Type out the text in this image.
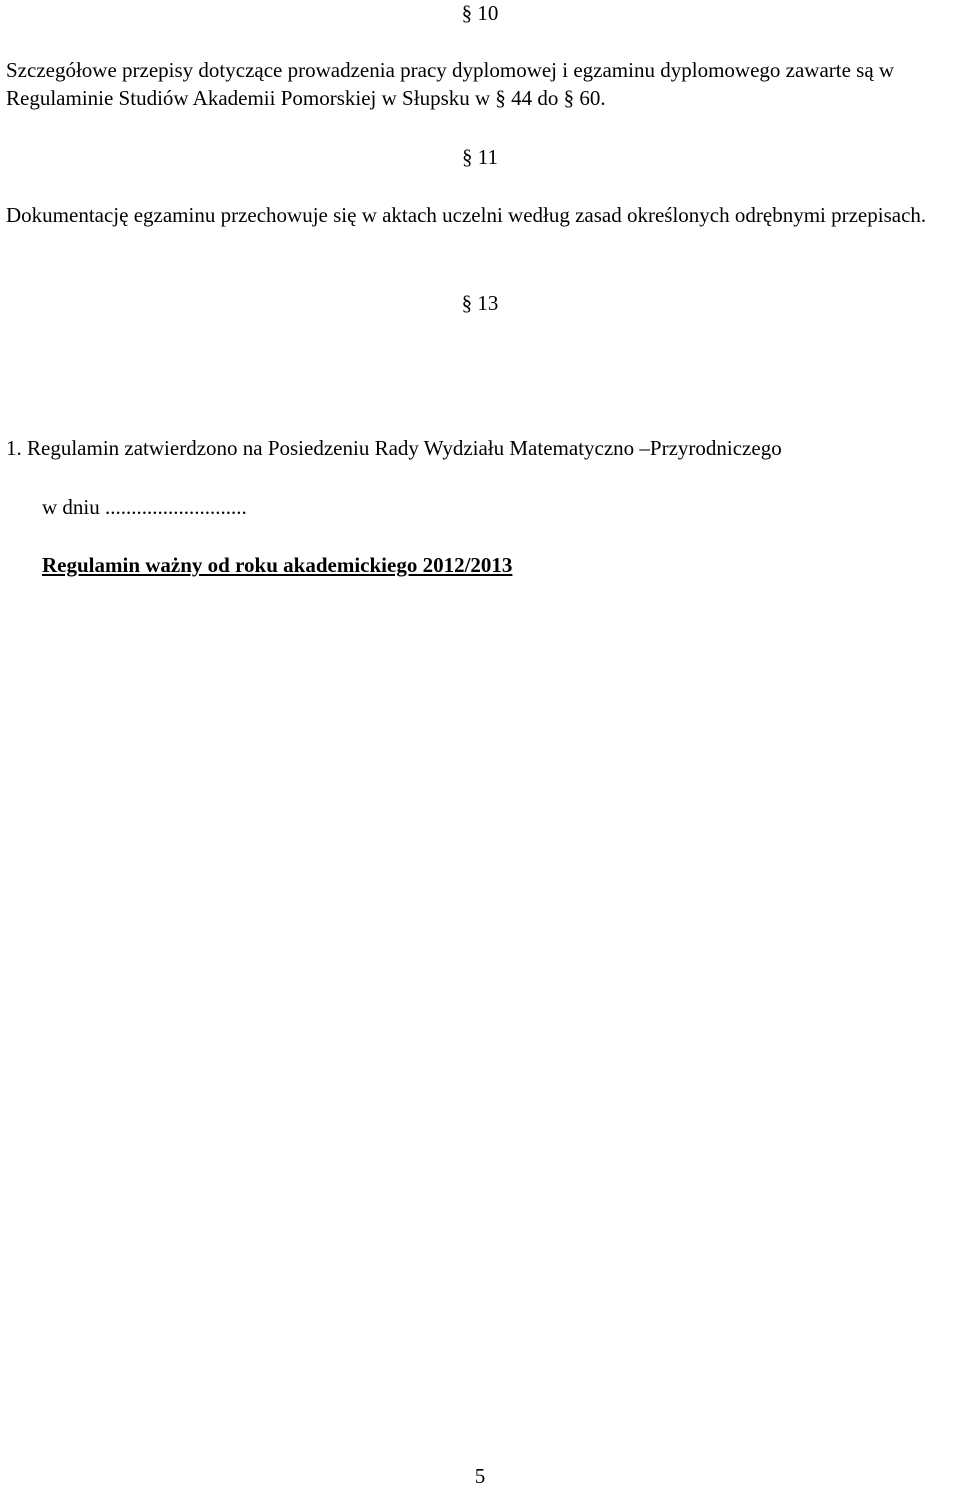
§ 10

Szczegółowe przepisy dotyczące prowadzenia pracy dyplomowej i egzaminu dyplomowego zawarte są w Regulaminie Studiów Akademii Pomorskiej w Słupsku w § 44 do § 60.

§ 11

Dokumentację egzaminu przechowuje się w aktach uczelni według zasad określonych odrębnymi przepisach.

§ 13
1. Regulamin zatwierdzono na Posiedzeniu Rady Wydziału Matematyczno –Przyrodniczego
w dniu ...........................
Regulamin ważny od roku akademickiego 2012/2013
5
